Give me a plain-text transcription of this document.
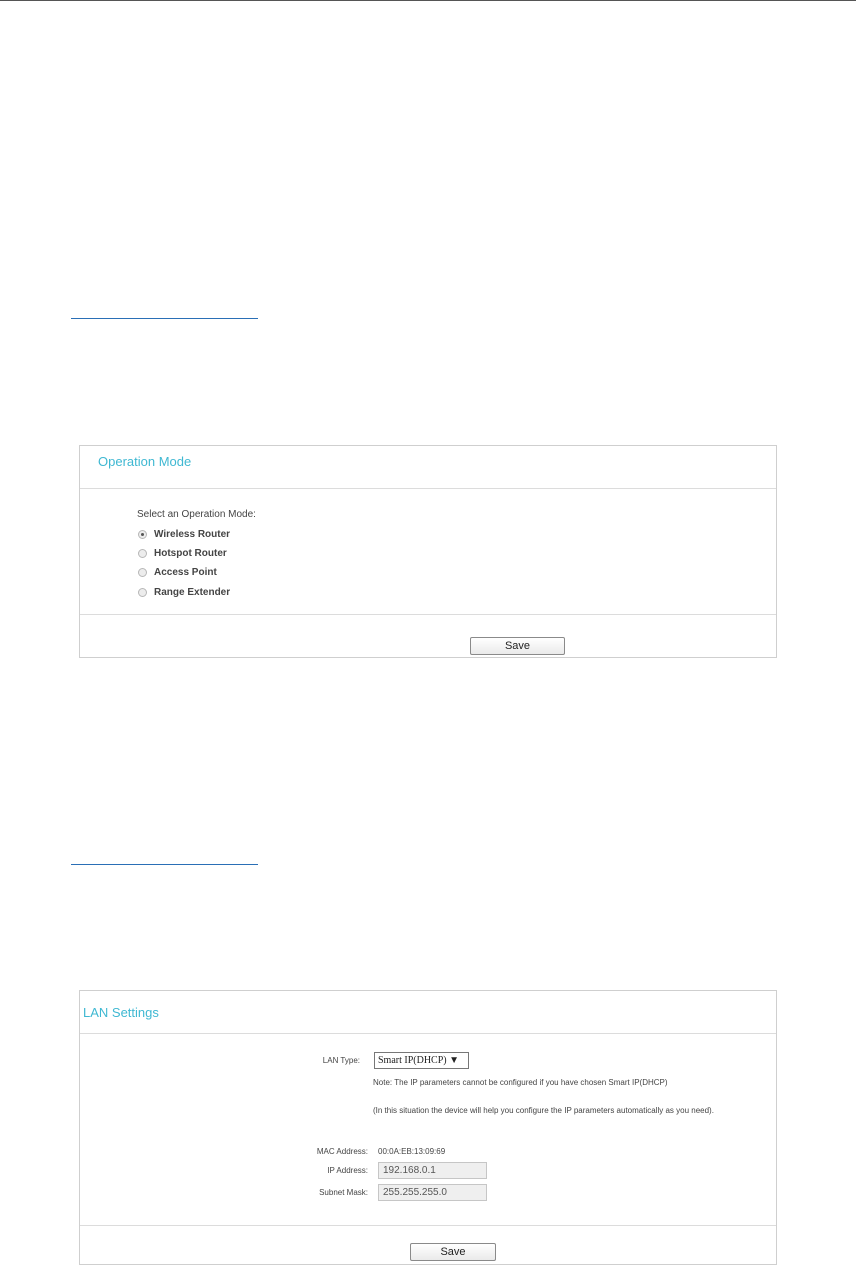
Operation Mode
Select an Operation Mode:
Wireless Router
Hotspot Router
Access Point
Range Extender
Save
LAN Settings
LAN Type:	Smart IP(DHCP) ▼
Note: The IP parameters cannot be configured if you have chosen Smart IP(DHCP)
(In this situation the device will help you configure the IP parameters automatically as you need).
MAC Address: 00:0A:EB:13:09:69
IP Address:
192.168.0.1
Subnet Mask:
255.255.255.0
Save
